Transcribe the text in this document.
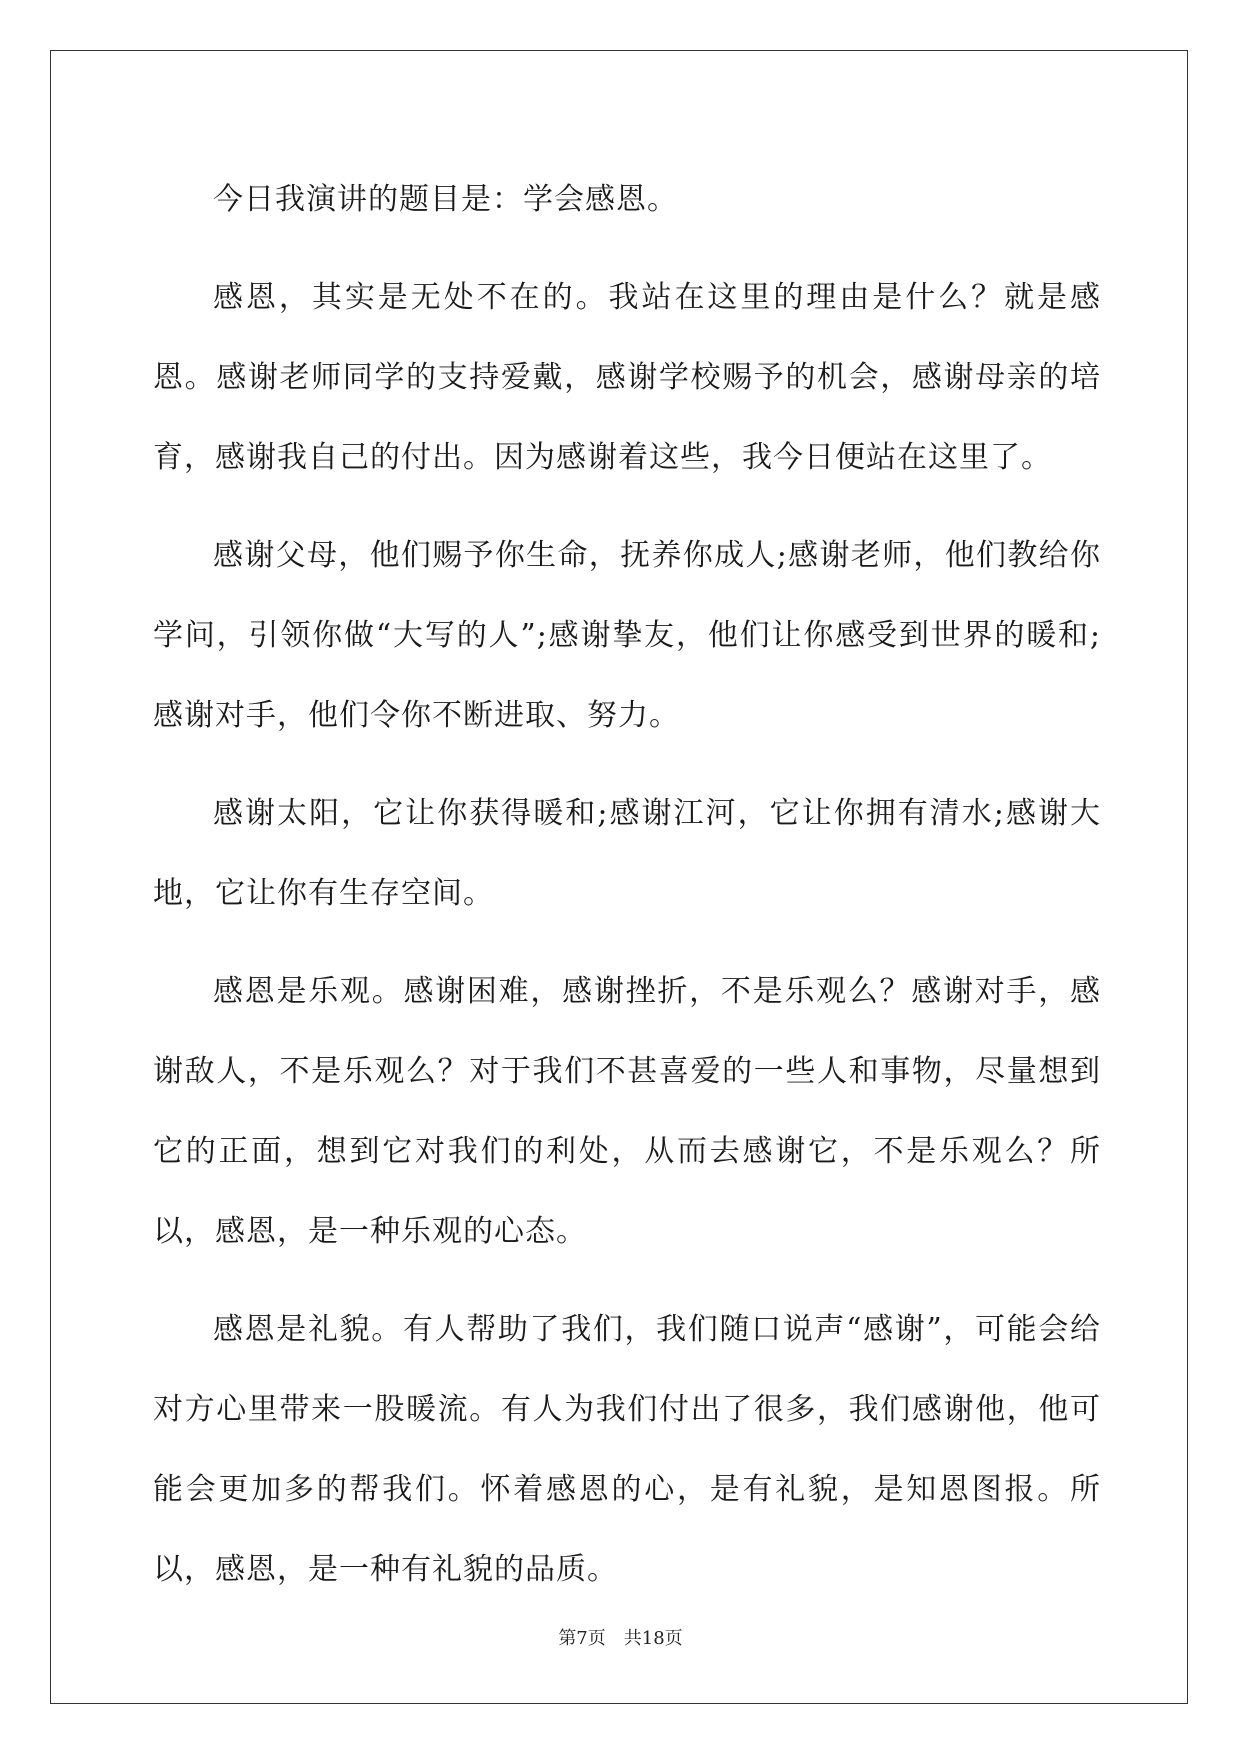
今日我演讲的题目是：学会感恩。

感恩，其实是无处不在的。我站在这里的理由是什么？就是感恩。感谢老师同学的支持爱戴，感谢学校赐予的机会，感谢母亲的培育，感谢我自己的付出。因为感谢着这些，我今日便站在这里了。

感谢父母，他们赐予你生命，抚养你成人;感谢老师，他们教给你学问，引领你做“大写的人”;感谢挚友，他们让你感受到世界的暖和;感谢对手，他们令你不断进取、努力。

感谢太阳，它让你获得暖和;感谢江河，它让你拥有清水;感谢大地，它让你有生存空间。

感恩是乐观。感谢困难，感谢挫折，不是乐观么？感谢对手，感谢敌人，不是乐观么？对于我们不甚喜爱的一些人和事物，尽量想到它的正面，想到它对我们的利处，从而去感谢它，不是乐观么？所以，感恩，是一种乐观的心态。

感恩是礼貌。有人帮助了我们，我们随口说声“感谢”，可能会给对方心里带来一股暖流。有人为我们付出了很多，我们感谢他，他可能会更加多的帮我们。怀着感恩的心，是有礼貌，是知恩图报。所以，感恩，是一种有礼貌的品质。

第7页　共18页
